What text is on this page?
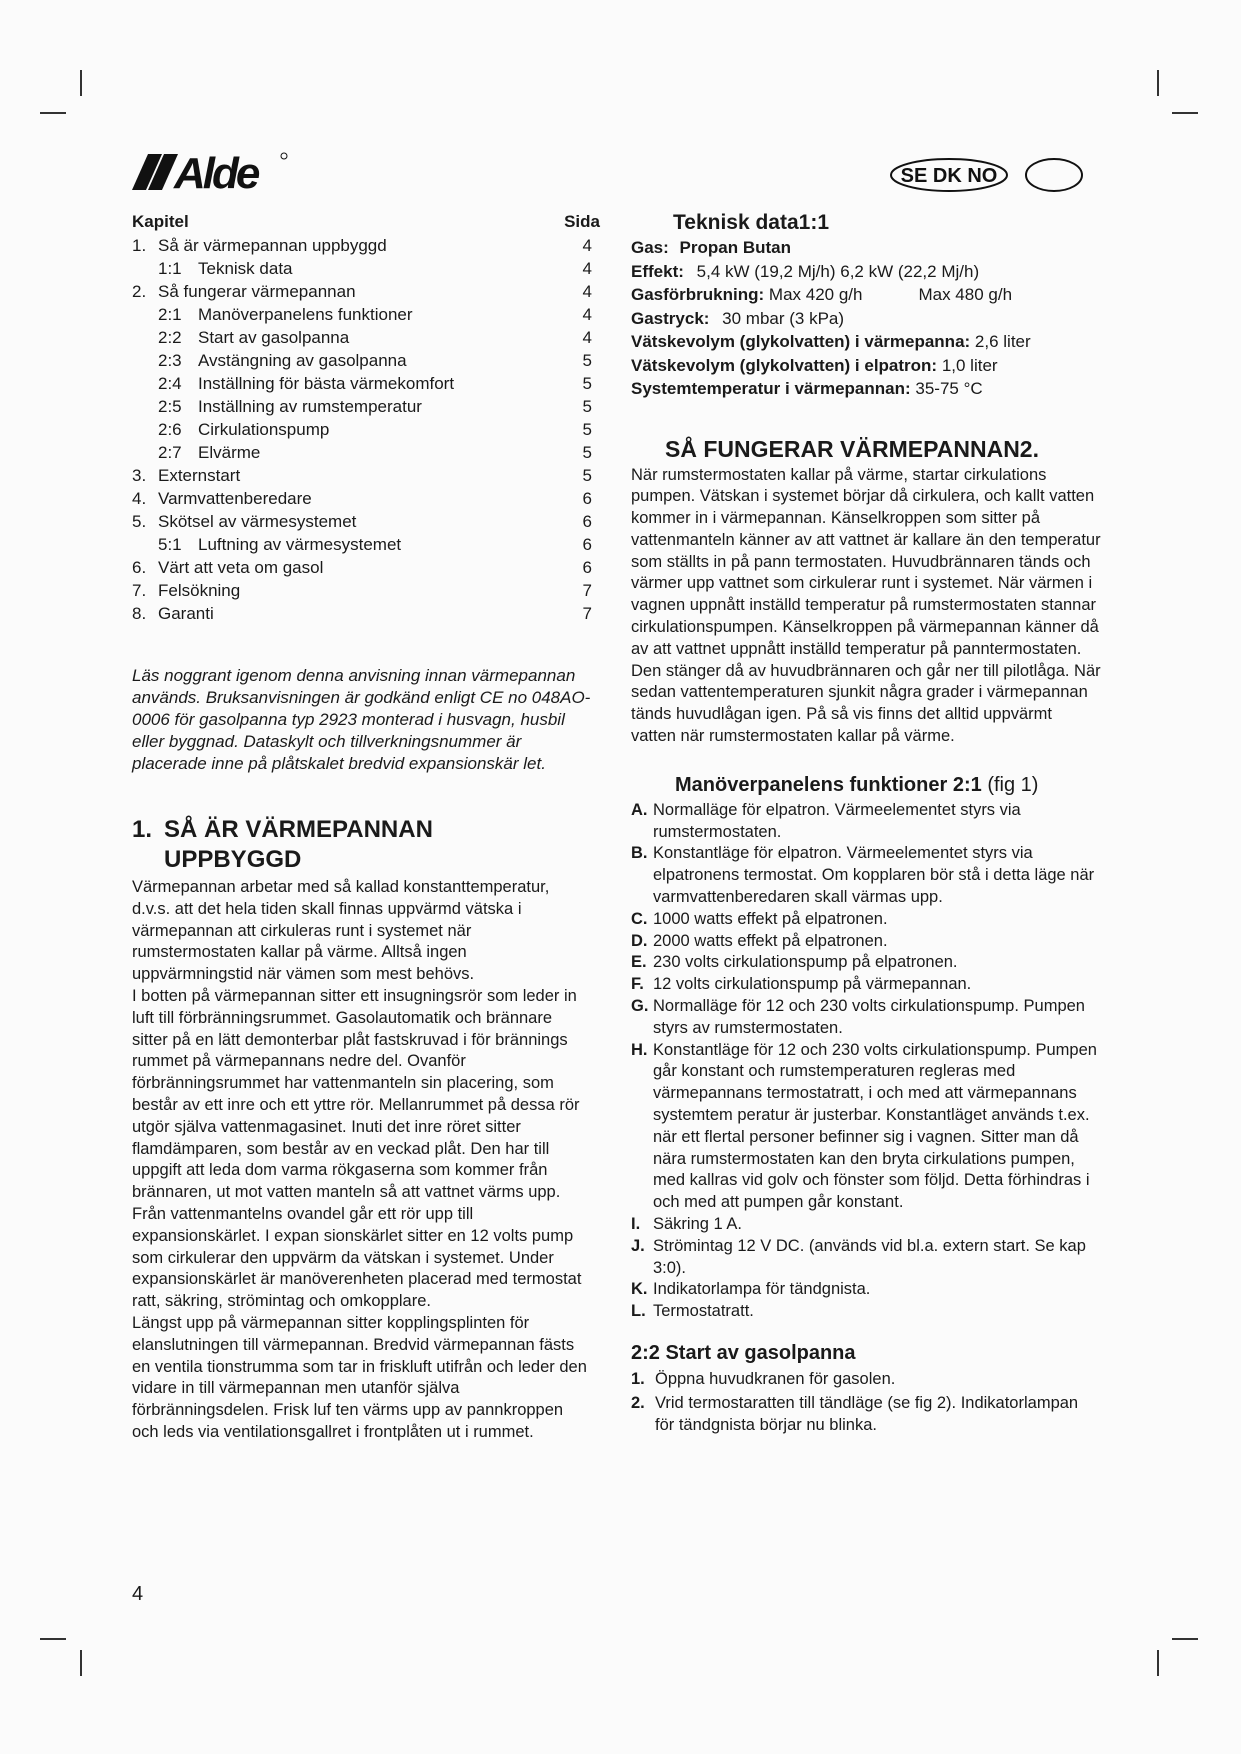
Alde	SE DK NO
Kapitel	Sida
1. Så är värmepannan uppbyggd	4
1:1 Teknisk data	4
2. Så fungerar värmepannan	4
2:1 Manöverpanelens funktioner	4
2:2 Start av gasolpanna	4
2:3 Avstängning av gasolpanna	5
2:4 Inställning för bästa värmekomfort	5
2:5 Inställning av rumstemperatur	5
2:6 Cirkulationspump	5
2:7 Elvärme	5
3. Externstart	5
4. Varmvattenberedare	6
5. Skötsel av värmesystemet	6
5:1 Luftning av värmesystemet	6
6. Värt att veta om gasol	6
7. Felsökning	7
8. Garanti	7
Läs noggrant igenom denna anvisning innan värmepannan används. Bruksanvisningen är godkänd enligt CE no 048AO-0006 för gasolpanna typ 2923 monterad i husvagn, husbil eller byggnad. Dataskylt och tillverkningsnummer är placerade inne på plåtskalet bredvid expansionskär let.
1. SÅ ÄR VÄRMEPANNAN
UPPBYGGD

Värmepannan arbetar med så kallad konstanttemperatur, d.v.s. att det hela tiden skall finnas uppvärmd vätska i värmepannan att cirkuleras runt i systemet när rumstermostaten kallar på värme. Alltså ingen uppvärmningstid när vämen som mest behövs.

I botten på värmepannan sitter ett insugningsrör som leder in luft till förbränningsrummet. Gasolautomatik och brännare sitter på en lätt demonterbar plåt fastskruvad i för brännings rummet på värmepannans nedre del. Ovanför förbränningsrummet har vattenmanteln sin placering, som består av ett inre och ett yttre rör. Mellanrummet på dessa rör utgör själva vattenmagasinet. Inuti det inre röret sitter flamdämparen, som består av en veckad plåt. Den har till uppgift att leda dom varma rökgaserna som kommer från brännaren, ut mot vatten manteln så att vattnet värms upp. Från vattenmantelns ovandel går ett rör upp till expansionskärlet. I expan sionskärlet sitter en 12 volts pump som cirkulerar den uppvärm da vätskan i systemet. Under expansionskärlet är manöverenheten placerad med termostat ratt, säkring, strömintag och omkopplare.

Längst upp på värmepannan sitter kopplingsplinten för elanslutningen till värmepannan. Bredvid värmepannan fästs en ventila tionstrumma som tar in friskluft utifrån och leder den vidare in till värmepannan men utanför själva förbränningsdelen. Frisk luf ten värms upp av pannkroppen och leds via ventilationsgallret i frontplåten ut i rummet.

Teknisk data1:1
Gas: Propan Butan
Effekt: 5,4 kW (19,2 Mj/h) 6,2 kW (22,2 Mj/h)
Gasförbrukning: Max 420 g/h	Max 480 g/h
Gastryck: 30 mbar (3 kPa)
Vätskevolym (glykolvatten) i värmepanna: 2,6 liter
Vätskevolym (glykolvatten) i elpatron: 1,0 liter
Systemtemperatur i värmepannan: 35-75 °C
SÅ FUNGERAR VÄRMEPANNAN2.

När rumstermostaten kallar på värme, startar cirkulations pumpen. Vätskan i systemet börjar då cirkulera, och kallt vatten kommer in i värmepannan. Känselkroppen som sitter på vattenmanteln känner av att vattnet är kallare än den temperatur som ställts in på pann termostaten. Huvudbrännaren tänds och värmer upp vattnet som cirkulerar runt i systemet. När värmen i vagnen uppnått inställd temperatur på rumstermostaten stannar cirkulationspumpen. Känselkroppen på värmepannan känner då av att vattnet uppnått inställd temperatur på panntermostaten. Den stänger då av huvudbrännaren och går ner till pilotlåga. När sedan vattentemperaturen sjunkit några grader i värmepannan tänds huvudlågan igen. På så vis finns det alltid uppvärmt vatten när rumstermostaten kallar på värme.

Manöverpanelens funktioner 2:1 (fig 1)
A. Normalläge för elpatron. Värmeelementet styrs via rumstermostaten.
B. Konstantläge för elpatron. Värmeelementet styrs via elpatronens termostat. Om kopplaren bör stå i detta läge när varmvattenberedaren skall värmas upp.
C. 1000 watts effekt på elpatronen.
D. 2000 watts effekt på elpatronen.
E. 230 volts cirkulationspump på elpatronen.
F. 12 volts cirkulationspump på värmepannan.
G. Normalläge för 12 och 230 volts cirkulationspump. Pumpen styrs av rumstermostaten.
H. Konstantläge för 12 och 230 volts cirkulationspump. Pumpen går konstant och rumstemperaturen regleras med värmepannans termostatratt, i och med att värmepannans systemtem peratur är justerbar. Konstantläget används t.ex. när ett flertal personer befinner sig i vagnen. Sitter man då nära rumstermostaten kan den bryta cirkulations pumpen, med kallras vid golv och fönster som följd. Detta förhindras i och med att pumpen går konstant.
I. Säkring 1 A.
J. Strömintag 12 V DC. (används vid bl.a. extern start. Se kap 3:0).
K. Indikatorlampa för tändgnista.
L. Termostatratt.
2:2 Start av gasolpanna
1. Öppna huvudkranen för gasolen.
2. Vrid termostaratten till tändläge (se fig 2). Indikatorlampan för tändgnista börjar nu blinka.
4
